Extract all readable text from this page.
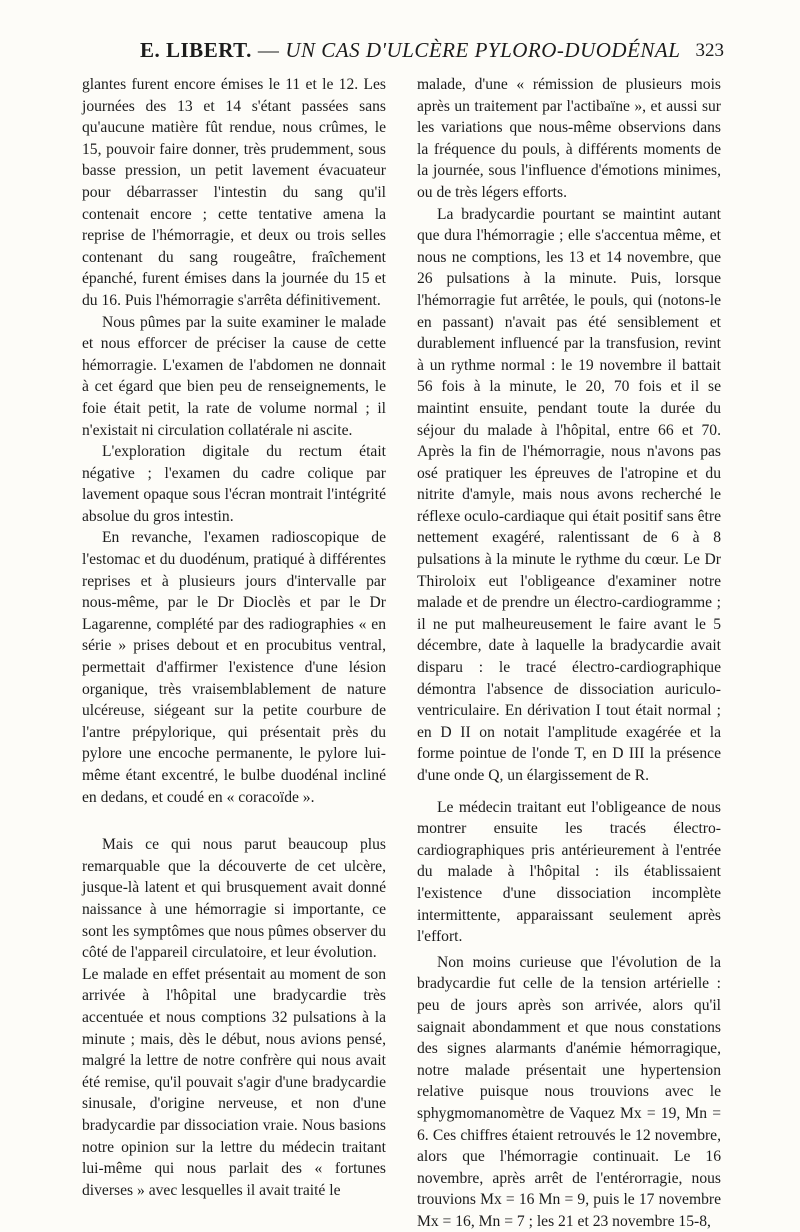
E. LIBERT. — UN CAS D'ULCÈRE PYLORO-DUODÉNAL 323

glantes furent encore émises le 11 et le 12. Les journées des 13 et 14 s'étant passées sans qu'aucune matière fût rendue, nous crûmes, le 15, pouvoir faire donner, très prudemment, sous basse pression, un petit lavement évacuateur pour débarrasser l'intestin du sang qu'il contenait encore ; cette tentative amena la reprise de l'hémorragie, et deux ou trois selles contenant du sang rougeâtre, fraîchement épanché, furent émises dans la journée du 15 et du 16. Puis l'hémorragie s'arrêta définitivement.

Nous pûmes par la suite examiner le malade et nous efforcer de préciser la cause de cette hémorragie. L'examen de l'abdomen ne donnait à cet égard que bien peu de renseignements, le foie était petit, la rate de volume normal ; il n'existait ni circulation collatérale ni ascite.

L'exploration digitale du rectum était négative ; l'examen du cadre colique par lavement opaque sous l'écran montrait l'intégrité absolue du gros intestin.

En revanche, l'examen radioscopique de l'estomac et du duodénum, pratiqué à différentes reprises et à plusieurs jours d'intervalle par nous-même, par le Dr Dioclès et par le Dr Lagarenne, complété par des radiographies « en série » prises debout et en procubitus ventral, permettait d'affirmer l'existence d'une lésion organique, très vraisemblablement de nature ulcéreuse, siégeant sur la petite courbure de l'antre prépylorique, qui présentait près du pylore une encoche permanente, le pylore lui-même étant excentré, le bulbe duodénal incliné en dedans, et coudé en « coracoïde ».

Mais ce qui nous parut beaucoup plus remarquable que la découverte de cet ulcère, jusque-là latent et qui brusquement avait donné naissance à une hémorragie si importante, ce sont les symptômes que nous pûmes observer du côté de l'appareil circulatoire, et leur évolution.

Le malade en effet présentait au moment de son arrivée à l'hôpital une bradycardie très accentuée et nous comptions 32 pulsations à la minute ; mais, dès le début, nous avions pensé, malgré la lettre de notre confrère qui nous avait été remise, qu'il pouvait s'agir d'une bradycardie sinusale, d'origine nerveuse, et non d'une bradycardie par dissociation vraie. Nous basions notre opinion sur la lettre du médecin traitant lui-même qui nous parlait des « fortunes diverses » avec lesquelles il avait traité le

malade, d'une « rémission de plusieurs mois après un traitement par l'actibaïne », et aussi sur les variations que nous-même observions dans la fréquence du pouls, à différents moments de la journée, sous l'influence d'émotions minimes, ou de très légers efforts.

La bradycardie pourtant se maintint autant que dura l'hémorragie ; elle s'accentua même, et nous ne comptions, les 13 et 14 novembre, que 26 pulsations à la minute. Puis, lorsque l'hémorragie fut arrêtée, le pouls, qui (notons-le en passant) n'avait pas été sensiblement et durablement influencé par la transfusion, revint à un rythme normal : le 19 novembre il battait 56 fois à la minute, le 20, 70 fois et il se maintint ensuite, pendant toute la durée du séjour du malade à l'hôpital, entre 66 et 70. Après la fin de l'hémorragie, nous n'avons pas osé pratiquer les épreuves de l'atropine et du nitrite d'amyle, mais nous avons recherché le réflexe oculo-cardiaque qui était positif sans être nettement exagéré, ralentissant de 6 à 8 pulsations à la minute le rythme du cœur. Le Dr Thiroloix eut l'obligeance d'examiner notre malade et de prendre un électro-cardiogramme ; il ne put malheureusement le faire avant le 5 décembre, date à laquelle la bradycardie avait disparu : le tracé électro-cardiographique démontra l'absence de dissociation auriculo-ventriculaire. En dérivation I tout était normal ; en D II on notait l'amplitude exagérée et la forme pointue de l'onde T, en D III la présence d'une onde Q, un élargissement de R.

Le médecin traitant eut l'obligeance de nous montrer ensuite les tracés électro-cardiographiques pris antérieurement à l'entrée du malade à l'hôpital : ils établissaient l'existence d'une dissociation incomplète intermittente, apparaissant seulement après l'effort.

Non moins curieuse que l'évolution de la bradycardie fut celle de la tension artérielle : peu de jours après son arrivée, alors qu'il saignait abondamment et que nous constations des signes alarmants d'anémie hémorragique, notre malade présentait une hypertension relative puisque nous trouvions avec le sphygmomanomètre de Vaquez Mx = 19, Mn = 6. Ces chiffres étaient retrouvés le 12 novembre, alors que l'hémorragie continuait. Le 16 novembre, après arrêt de l'entérorragie, nous trouvions Mx = 16 Mn = 9, puis le 17 novembre Mx = 16, Mn = 7 ; les 21 et 23 novembre 15-8,
